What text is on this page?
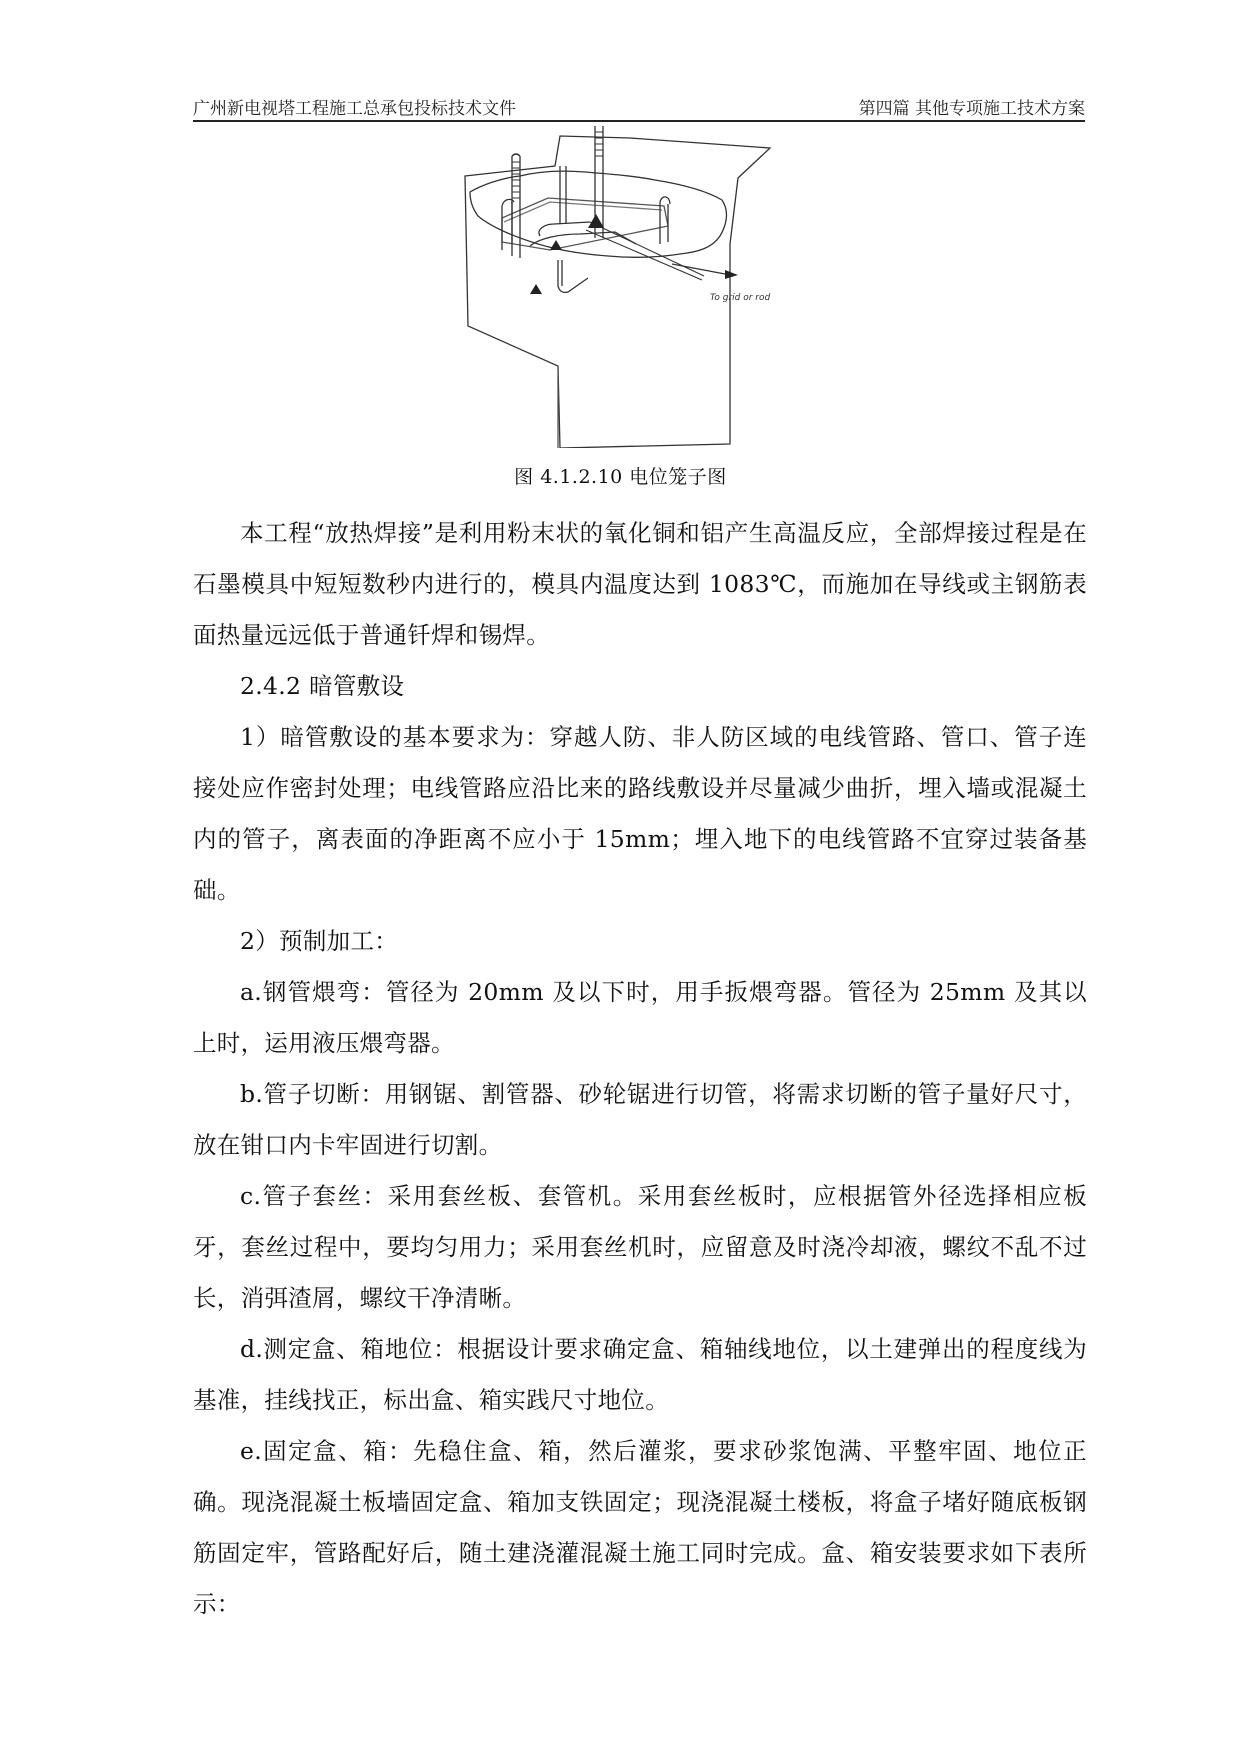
广州新电视塔工程施工总承包投标技术文件	第四篇 其他专项施工技术方案
To grid or rod
图 4.1.2.10 电位笼子图

本工程“放热焊接”是利用粉末状的氧化铜和铝产生高温反应，全部焊接过程是在石墨模具中短短数秒内进行的，模具内温度达到 1083℃，而施加在导线或主钢筋表面热量远远低于普通钎焊和锡焊。

2.4.2 暗管敷设

1）暗管敷设的基本要求为：穿越人防、非人防区域的电线管路、管口、管子连接处应作密封处理；电线管路应沿比来的路线敷设并尽量减少曲折，埋入墙或混凝土内的管子，离表面的净距离不应小于 15mm；埋入地下的电线管路不宜穿过装备基础。

2）预制加工：

a.钢管煨弯：管径为 20mm 及以下时，用手扳煨弯器。管径为 25mm 及其以上时，运用液压煨弯器。

b.管子切断：用钢锯、割管器、砂轮锯进行切管，将需求切断的管子量好尺寸，放在钳口内卡牢固进行切割。

c.管子套丝：采用套丝板、套管机。采用套丝板时，应根据管外径选择相应板牙，套丝过程中，要均匀用力；采用套丝机时，应留意及时浇冷却液，螺纹不乱不过长，消弭渣屑，螺纹干净清晰。

d.测定盒、箱地位：根据设计要求确定盒、箱轴线地位，以土建弹出的程度线为基准，挂线找正，标出盒、箱实践尺寸地位。

e.固定盒、箱：先稳住盒、箱，然后灌浆，要求砂浆饱满、平整牢固、地位正确。现浇混凝土板墙固定盒、箱加支铁固定；现浇混凝土楼板，将盒子堵好随底板钢筋固定牢，管路配好后，随土建浇灌混凝土施工同时完成。盒、箱安装要求如下表所示：
